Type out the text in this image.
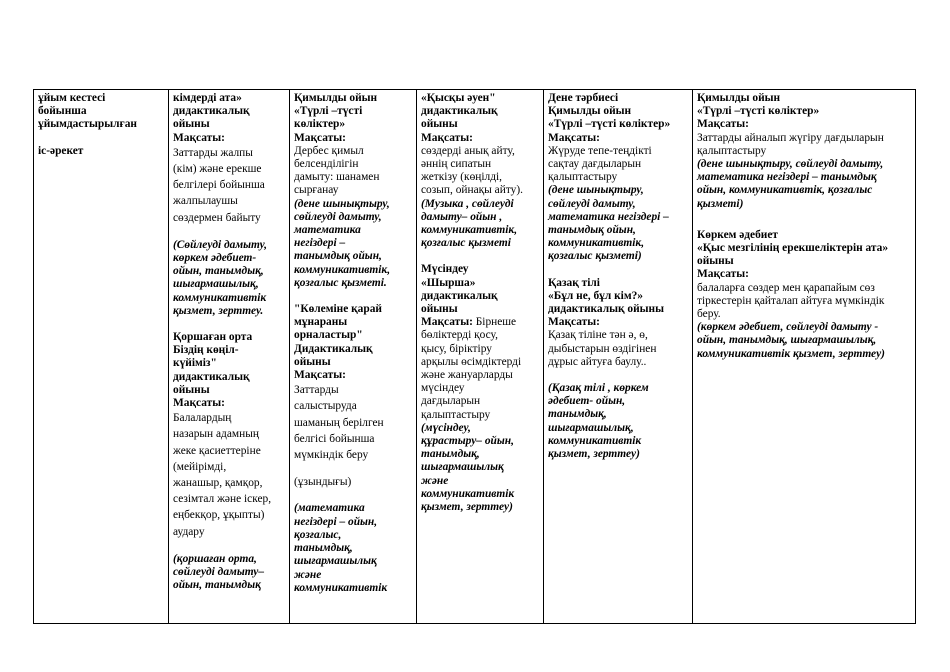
ұйым кестесі
бойынша
ұйымдастырылған
іс-әрекет
кімдерді ата»
дидактикалық
ойыны
Мақсаты:
Заттарды жалпы
(кім) және ерекше
белгілері бойынша
жалпылаушы
сөздермен байыту
(Сөйлеуді дамыту,
көркем әдебиет-
ойын, танымдық,
шығармашылық,
коммуникативтік
қызмет, зерттеу.
Қоршаған орта
Біздің көңіл-
күйіміз"
дидактикалық
ойыны
Мақсаты:
Балалардың
назарын адамның
жеке қасиеттеріне
(мейірімді,
жанашыр, қамқор,
сезімтал және іскер,
еңбекқор, ұқыпты)
аудару
(қоршаған орта,
сөйлеуді дамыту–
ойын, танымдық
Қимылды ойын
«Түрлі –түсті
көліктер»
Мақсаты:
Дербес қимыл
белсенділігін
дамыту: шанамен
сырғанау
(дене шынықтыру,
сөйлеуді дамыту,
математика
негіздері –
танымдық ойын,
коммуникативтік,
қозғалыс қызметі.
"Көлеміне қарай
мұнараны
орналастыр"
Дидактикалық
ойыны
Мақсаты:
Заттарды
салыстыруда
шаманың берілген
белгісі бойынша
мүмкіндік беру
(ұзындығы)
(математика
негіздері – ойын,
қозғалыс,
танымдық,
шығармашылық
және
коммуникативтік
«Қысқы әуен"
дидактикалық
ойыны
Мақсаты:
сөздерді анық айту,
әннің сипатын
жеткізу (көңілді,
созып, ойнақы айту).
(Музыка , сөйлеуді
дамыту– ойын ,
коммуникативтік,
қозғалыс қызметі
Мүсіндеу
«Шырша»
дидактикалық
ойыны
Мақсаты: Бірнеше
бөліктерді қосу,
қысу, біріктіру
арқылы өсімдіктерді
және жануарларды
мүсіндеу
дағдыларын
қалыптастыру
(мүсіндеу,
құрастыру– ойын,
танымдық,
шығармашылық
және
коммуникативтік
қызмет, зерттеу)
Дене тәрбиесі
Қимылды ойын
«Түрлі –түсті көліктер»
Мақсаты:
Жүруде тепе-теңдікті
сақтау дағдыларын
қалыптастыру
(дене шынықтыру,
сөйлеуді дамыту,
математика негіздері –
танымдық ойын,
коммуникативтік,
қозғалыс қызметі)
Қазақ тілі
«Бұл не, бұл кім?»
дидактикалық ойыны
Мақсаты:
Қазақ тіліне тән ә, ө,
дыбыстарын өздігінен
дұрыс айтуға баулу..
(Қазақ тілі , көркем
әдебиет- ойын,
танымдық,
шығармашылық,
коммуникативтік
қызмет, зерттеу)
Қимылды ойын
«Түрлі –түсті көліктер»
Мақсаты:
Заттарды айналып жүгіру дағдыларын
қалыптастыру
(дене шынықтыру, сөйлеуді дамыту,
математика негіздері – танымдық
ойын, коммуникативтік, қозғалыс
қызметі)
Көркем әдебиет
«Қыс мезгілінің ерекшеліктерін ата»
ойыны
Мақсаты:
балаларға сөздер мен қарапайым сөз
тіркестерін қайталап айтуға мүмкіндік
беру.
(көркем әдебиет, сөйлеуді дамыту -
ойын, танымдық, шығармашылық,
коммуникативтік қызмет, зерттеу)
